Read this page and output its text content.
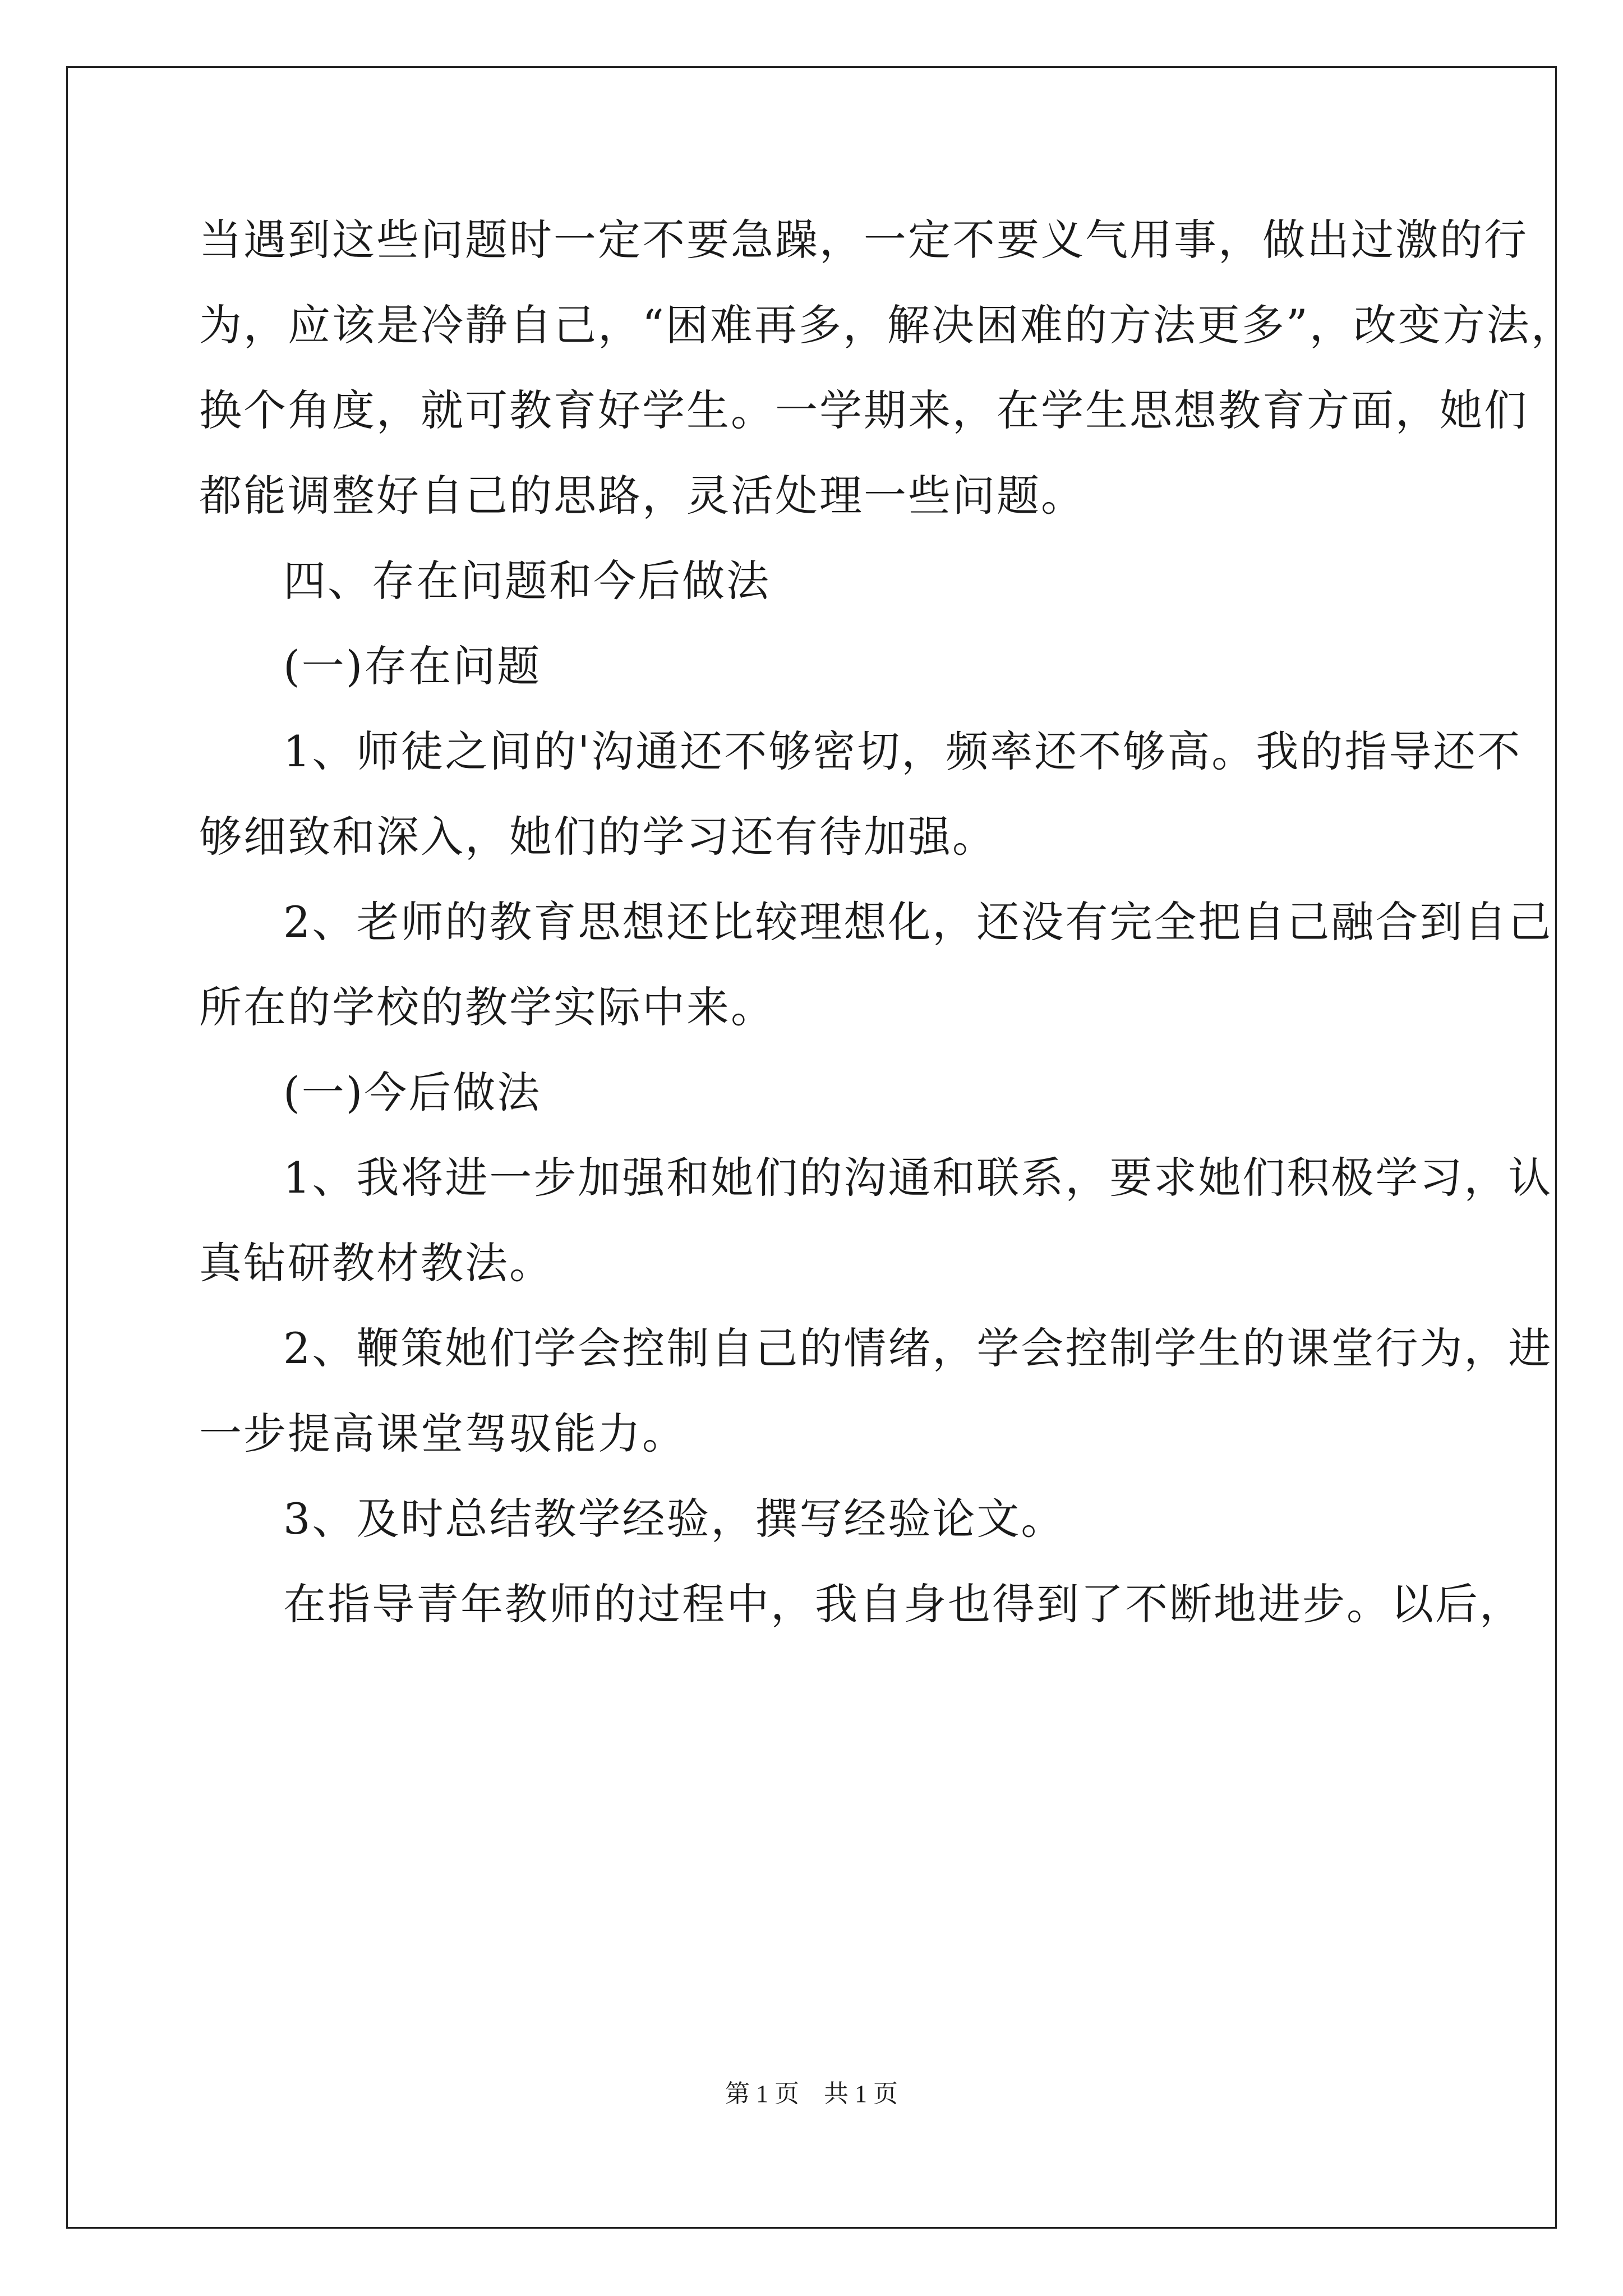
当遇到这些问题时一定不要急躁，一定不要义气用事，做出过激的行
为，应该是冷静自己，“困难再多，解决困难的方法更多”，改变方法，
换个角度，就可教育好学生。一学期来，在学生思想教育方面，她们
都能调整好自己的思路，灵活处理一些问题。
四、存在问题和今后做法
(一)存在问题
1、师徒之间的'沟通还不够密切，频率还不够高。我的指导还不
够细致和深入，她们的学习还有待加强。
2、老师的教育思想还比较理想化，还没有完全把自己融合到自己
所在的学校的教学实际中来。
(一)今后做法
1、我将进一步加强和她们的沟通和联系，要求她们积极学习，认
真钻研教材教法。
2、鞭策她们学会控制自己的情绪，学会控制学生的课堂行为，进
一步提高课堂驾驭能力。
3、及时总结教学经验，撰写经验论文。
在指导青年教师的过程中，我自身也得到了不断地进步。以后，
第 1 页　共 1 页
